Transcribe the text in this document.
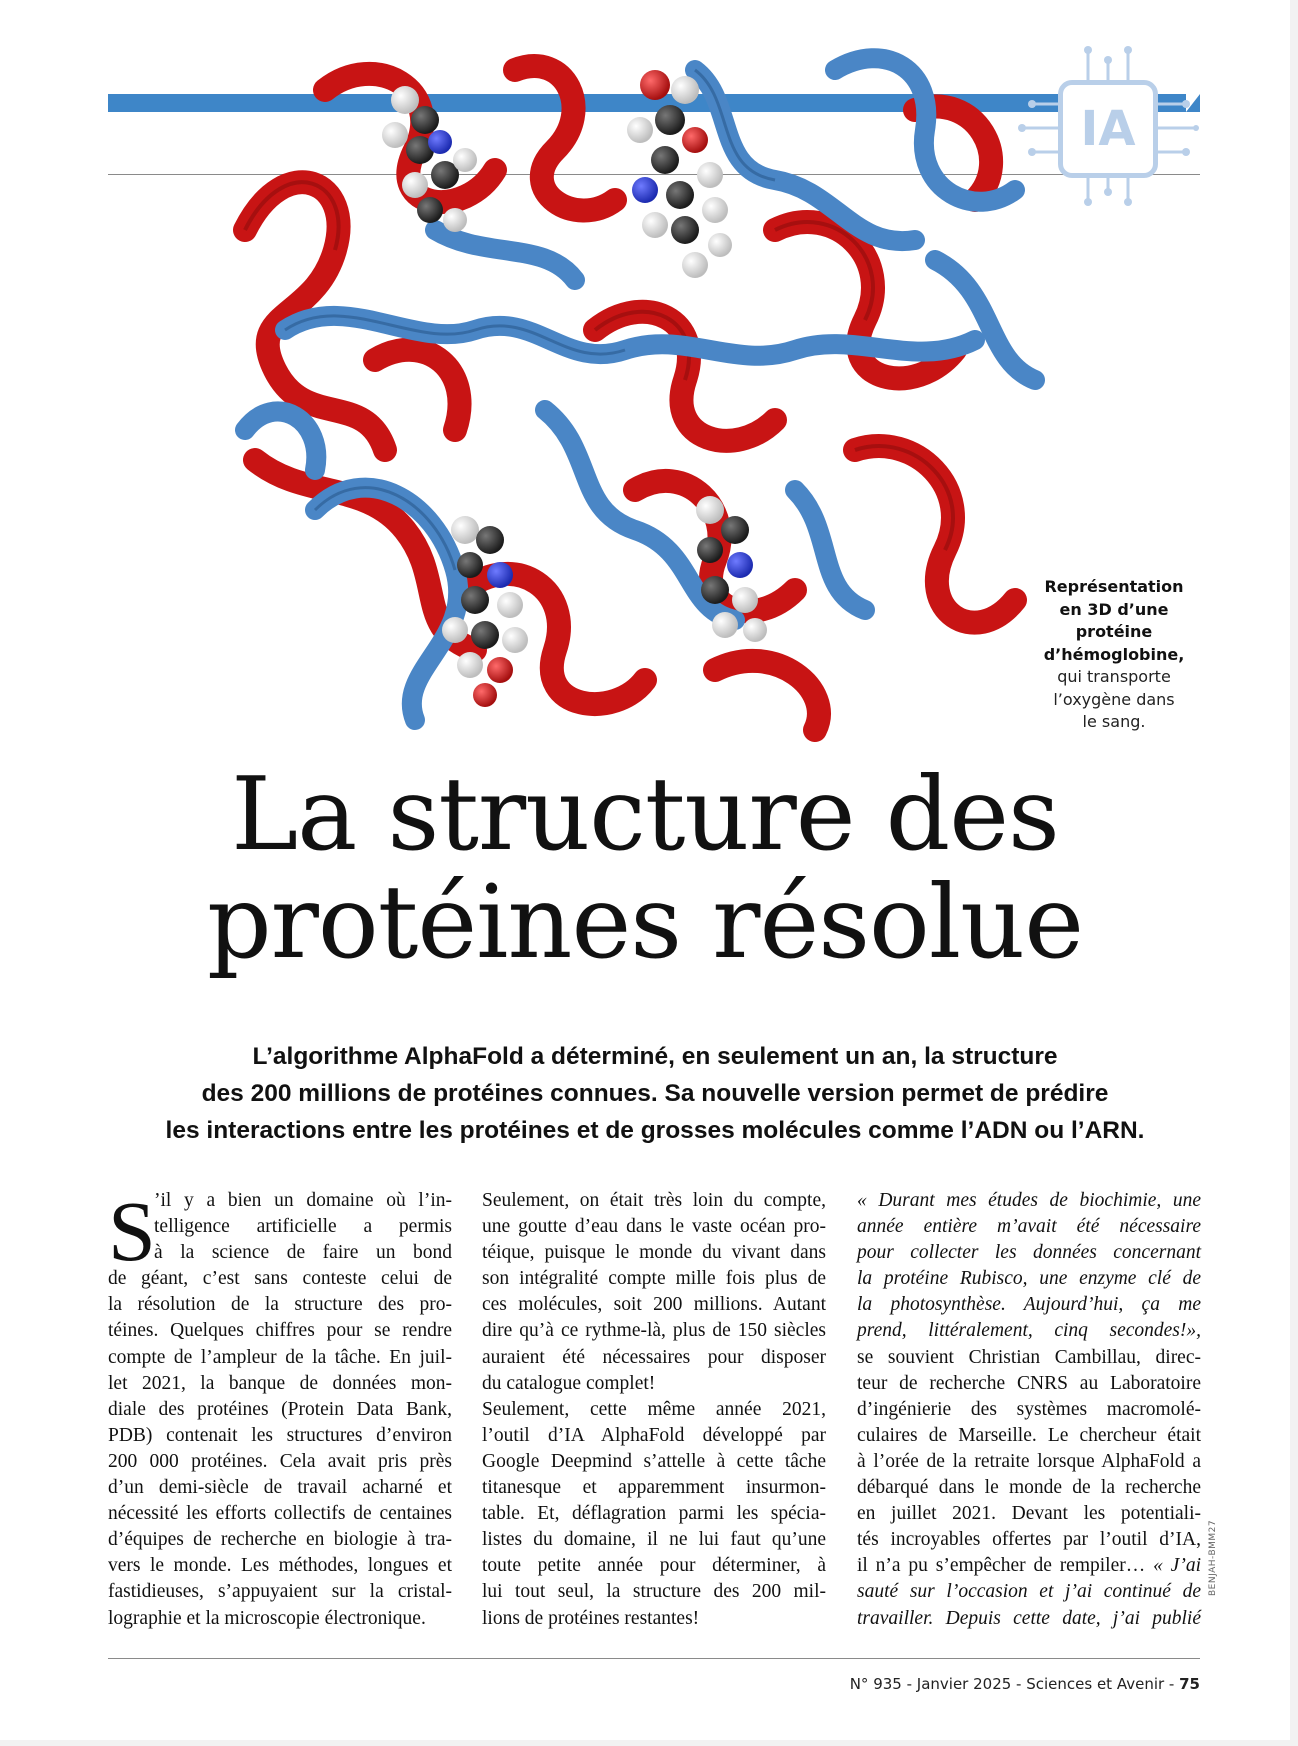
IA
Représentation
en 3D d’une
protéine
d’hémoglobine,
qui transporte
l’oxygène dans
le sang.
La structure des
protéines résolue
L’algorithme AlphaFold a déterminé, en seulement un an, la structure
des 200 millions de protéines connues. Sa nouvelle version permet de prédire
les interactions entre les protéines et de grosses molécules comme l’ADN ou l’ARN.
S
’il y a bien un domaine où l’in-
telligence artificielle a permis
à la science de faire un bond
de géant, c’est sans conteste celui de
la résolution de la structure des pro-
téines. Quelques chiffres pour se rendre
compte de l’ampleur de la tâche. En juil-
let 2021, la banque de données mon-
diale des protéines (Protein Data Bank,
PDB) contenait les structures d’environ
200 000 protéines. Cela avait pris près
d’un demi-siècle de travail acharné et
nécessité les efforts collectifs de centaines
d’équipes de recherche en biologie à tra-
vers le monde. Les méthodes, longues et
fastidieuses, s’appuyaient sur la cristal-
lographie et la microscopie électronique.
Seulement, on était très loin du compte,
une goutte d’eau dans le vaste océan pro-
téique, puisque le monde du vivant dans
son intégralité compte mille fois plus de
ces molécules, soit 200 millions. Autant
dire qu’à ce rythme-là, plus de 150 siècles
auraient été nécessaires pour disposer
du catalogue complet!
Seulement, cette même année 2021,
l’outil d’IA AlphaFold développé par
Google Deepmind s’attelle à cette tâche
titanesque et apparemment insurmon-
table. Et, déflagration parmi les spécia-
listes du domaine, il ne lui faut qu’une
toute petite année pour déterminer, à
lui tout seul, la structure des 200 mil-
lions de protéines restantes!
« Durant mes études de biochimie, une
année entière m’avait été nécessaire
pour collecter les données concernant
la protéine Rubisco, une enzyme clé de
la photosynthèse. Aujourd’hui, ça me
prend, littéralement, cinq secondes!»,
se souvient Christian Cambillau, direc-
teur de recherche CNRS au Laboratoire
d’ingénierie des systèmes macromolé-
culaires de Marseille. Le chercheur était
à l’orée de la retraite lorsque AlphaFold a
débarqué dans le monde de la recherche
en juillet 2021. Devant les potentiali-
tés incroyables offertes par l’outil d’IA,
il n’a pu s’empêcher de rempiler… « J’ai
sauté sur l’occasion et j’ai continué de
travailler. Depuis cette date, j’ai publié
BENJAH-BMM27
N° 935 - Janvier 2025 - Sciences et Avenir - 75
